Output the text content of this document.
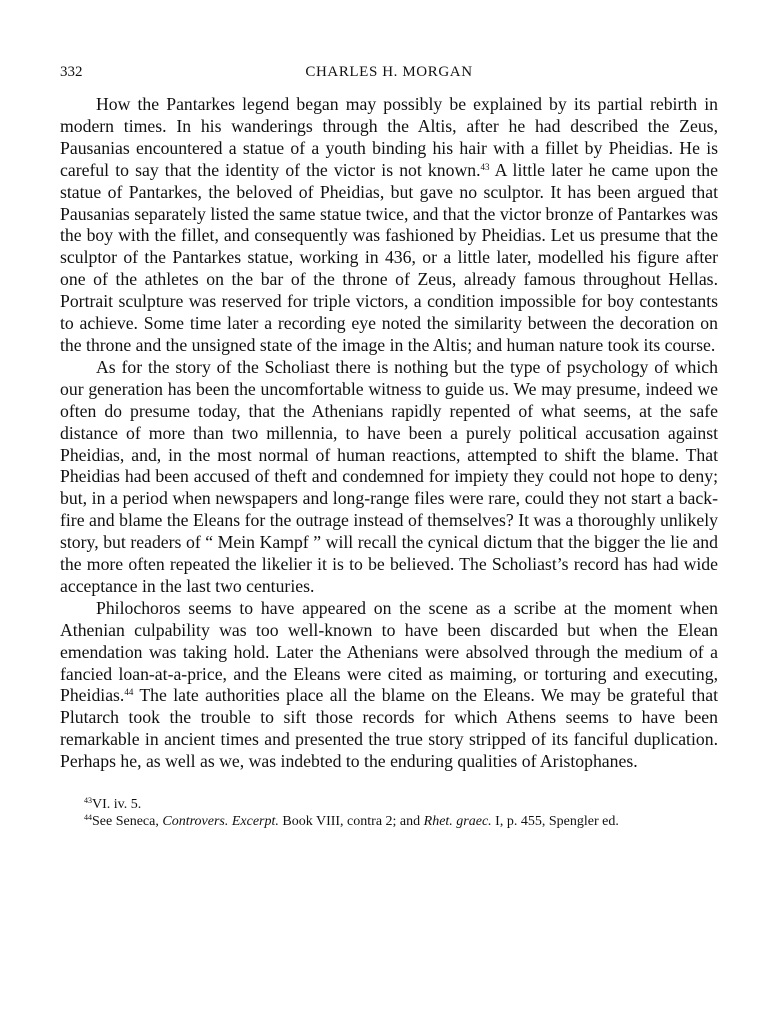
332	CHARLES H. MORGAN

How the Pantarkes legend began may possibly be explained by its partial rebirth in modern times. In his wanderings through the Altis, after he had described the Zeus, Pausanias encountered a statue of a youth binding his hair with a fillet by Pheidias. He is careful to say that the identity of the victor is not known.$^{43}$ A little later he came upon the statue of Pantarkes, the beloved of Pheidias, but gave no sculptor. It has been argued that Pausanias separately listed the same statue twice, and that the victor bronze of Pantarkes was the boy with the fillet, and consequently was fashioned by Pheidias. Let us presume that the sculptor of the Pantarkes statue, working in 436, or a little later, modelled his figure after one of the athletes on the bar of the throne of Zeus, already famous throughout Hellas. Portrait sculpture was reserved for triple victors, a condition impossible for boy contestants to achieve. Some time later a recording eye noted the similarity between the decoration on the throne and the unsigned state of the image in the Altis; and human nature took its course.

As for the story of the Scholiast there is nothing but the type of psychology of which our generation has been the uncomfortable witness to guide us. We may presume, indeed we often do presume today, that the Athenians rapidly repented of what seems, at the safe distance of more than two millennia, to have been a purely political accusation against Pheidias, and, in the most normal of human reactions, attempted to shift the blame. That Pheidias had been accused of theft and condemned for impiety they could not hope to deny; but, in a period when newspapers and long-range files were rare, could they not start a back-fire and blame the Eleans for the outrage instead of themselves? It was a thoroughly unlikely story, but readers of “ Mein Kampf ” will recall the cynical dictum that the bigger the lie and the more often repeated the likelier it is to be believed. The Scholiast’s record has had wide acceptance in the last two centuries.

Philochoros seems to have appeared on the scene as a scribe at the moment when Athenian culpability was too well-known to have been discarded but when the Elean emendation was taking hold. Later the Athenians were absolved through the medium of a fancied loan-at-a-price, and the Eleans were cited as maiming, or torturing and executing, Pheidias.$^{44}$ The late authorities place all the blame on the Eleans. We may be grateful that Plutarch took the trouble to sift those records for which Athens seems to have been remarkable in ancient times and presented the true story stripped of its fanciful duplication. Perhaps he, as well as we, was indebted to the enduring qualities of Aristophanes.

$^{43}$VI. iv. 5.

$^{44}$See Seneca, Controvers. Excerpt. Book VIII, contra 2; and Rhet. graec. I, p. 455, Spengler ed.
